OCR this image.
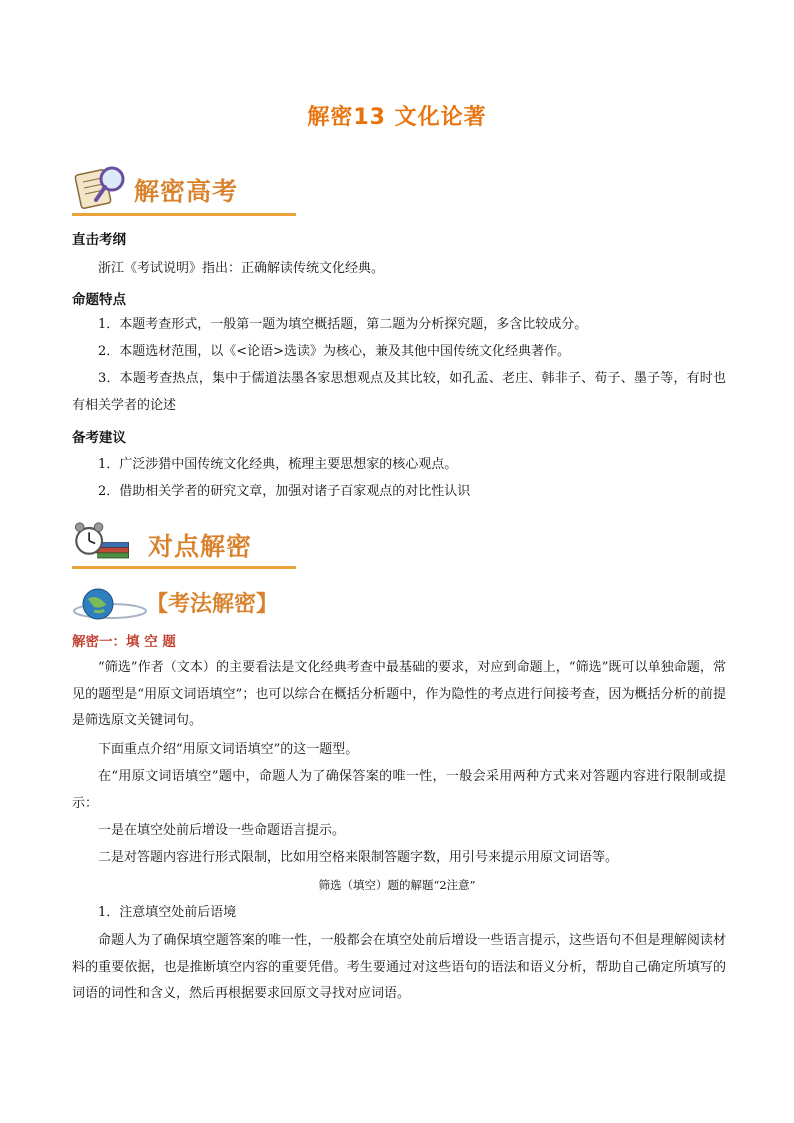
解密13 文化论著
解密高考
直击考纲
浙江《考试说明》指出：正确解读传统文化经典。
命题特点
1．本题考查形式，一般第一题为填空概括题，第二题为分析探究题，多含比较成分。
2．本题选材范围，以《<论语>选读》为核心，兼及其他中国传统文化经典著作。
3．本题考查热点，集中于儒道法墨各家思想观点及其比较，如孔孟、老庄、韩非子、荀子、墨子等，有时也有相关学者的论述
备考建议
1．广泛涉猎中国传统文化经典，梳理主要思想家的核心观点。
2．借助相关学者的研究文章，加强对诸子百家观点的对比性认识
对点解密
【考法解密】
解密一：填 空 题
“筛选”作者（文本）的主要看法是文化经典考查中最基础的要求，对应到命题上，“筛选”既可以单独命题，常见的题型是“用原文词语填空”；也可以综合在概括分析题中，作为隐性的考点进行间接考查，因为概括分析的前提是筛选原文关键词句。
下面重点介绍“用原文词语填空”的这一题型。
在“用原文词语填空”题中，命题人为了确保答案的唯一性，一般会采用两种方式来对答题内容进行限制或提示：
一是在填空处前后增设一些命题语言提示。
二是对答题内容进行形式限制，比如用空格来限制答题字数，用引号来提示用原文词语等。
筛选（填空）题的解题“2注意”
1．注意填空处前后语境
命题人为了确保填空题答案的唯一性，一般都会在填空处前后增设一些语言提示，这些语句不但是理解阅读材料的重要依据，也是推断填空内容的重要凭借。考生要通过对这些语句的语法和语义分析，帮助自己确定所填写的词语的词性和含义，然后再根据要求回原文寻找对应词语。
